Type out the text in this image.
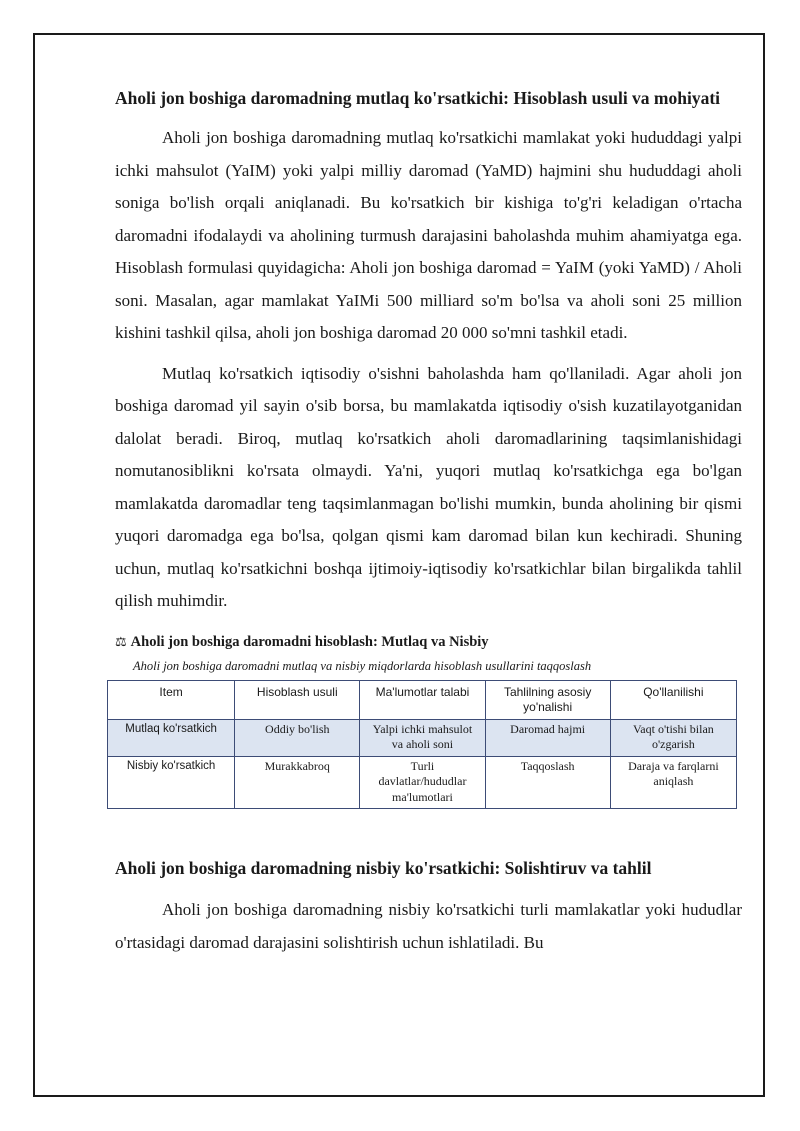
Aholi jon boshiga daromadning mutlaq ko'rsatkichi: Hisoblash usuli va mohiyati

Aholi jon boshiga daromadning mutlaq ko'rsatkichi mamlakat yoki hududdagi yalpi ichki mahsulot (YaIM) yoki yalpi milliy daromad (YaMD) hajmini shu hududdagi aholi soniga bo'lish orqali aniqlanadi. Bu ko'rsatkich bir kishiga to'g'ri keladigan o'rtacha daromadni ifodalaydi va aholining turmush darajasini baholashda muhim ahamiyatga ega. Hisoblash formulasi quyidagicha: Aholi jon boshiga daromad = YaIM (yoki YaMD) / Aholi soni. Masalan, agar mamlakat YaIMi 500 milliard so'm bo'lsa va aholi soni 25 million kishini tashkil qilsa, aholi jon boshiga daromad 20 000 so'mni tashkil etadi.

Mutlaq ko'rsatkich iqtisodiy o'sishni baholashda ham qo'llaniladi. Agar aholi jon boshiga daromad yil sayin o'sib borsa, bu mamlakatda iqtisodiy o'sish kuzatilayotganidan dalolat beradi. Biroq, mutlaq ko'rsatkich aholi daromadlarining taqsimlanishidagi nomutanosiblikni ko'rsata olmaydi. Ya'ni, yuqori mutlaq ko'rsatkichga ega bo'lgan mamlakatda daromadlar teng taqsimlanmagan bo'lishi mumkin, bunda aholining bir qismi yuqori daromadga ega bo'lsa, qolgan qismi kam daromad bilan kun kechiradi. Shuning uchun, mutlaq ko'rsatkichni boshqa ijtimoiy-iqtisodiy ko'rsatkichlar bilan birgalikda tahlil qilish muhimdir.

⚖ Aholi jon boshiga daromadni hisoblash: Mutlaq va Nisbiy
Aholi jon boshiga daromadni mutlaq va nisbiy miqdorlarda hisoblash usullarini taqqoslash
Item	Hisoblash usuli	Ma'lumotlar talabi	Tahlilning asosiy yo'nalishi	Qo'llanilishi
Mutlaq ko'rsatkich	Oddiy bo'lish	Yalpi ichki mahsulot va aholi soni	Daromad hajmi	Vaqt o'tishi bilan o'zgarish
Nisbiy ko'rsatkich	Murakkabroq	Turli davlatlar/hududlar ma'lumotlari	Taqqoslash	Daraja va farqlarni aniqlash
Aholi jon boshiga daromadning nisbiy ko'rsatkichi: Solishtiruv va tahlil

Aholi jon boshiga daromadning nisbiy ko'rsatkichi turli mamlakatlar yoki hududlar o'rtasidagi daromad darajasini solishtirish uchun ishlatiladi. Bu
